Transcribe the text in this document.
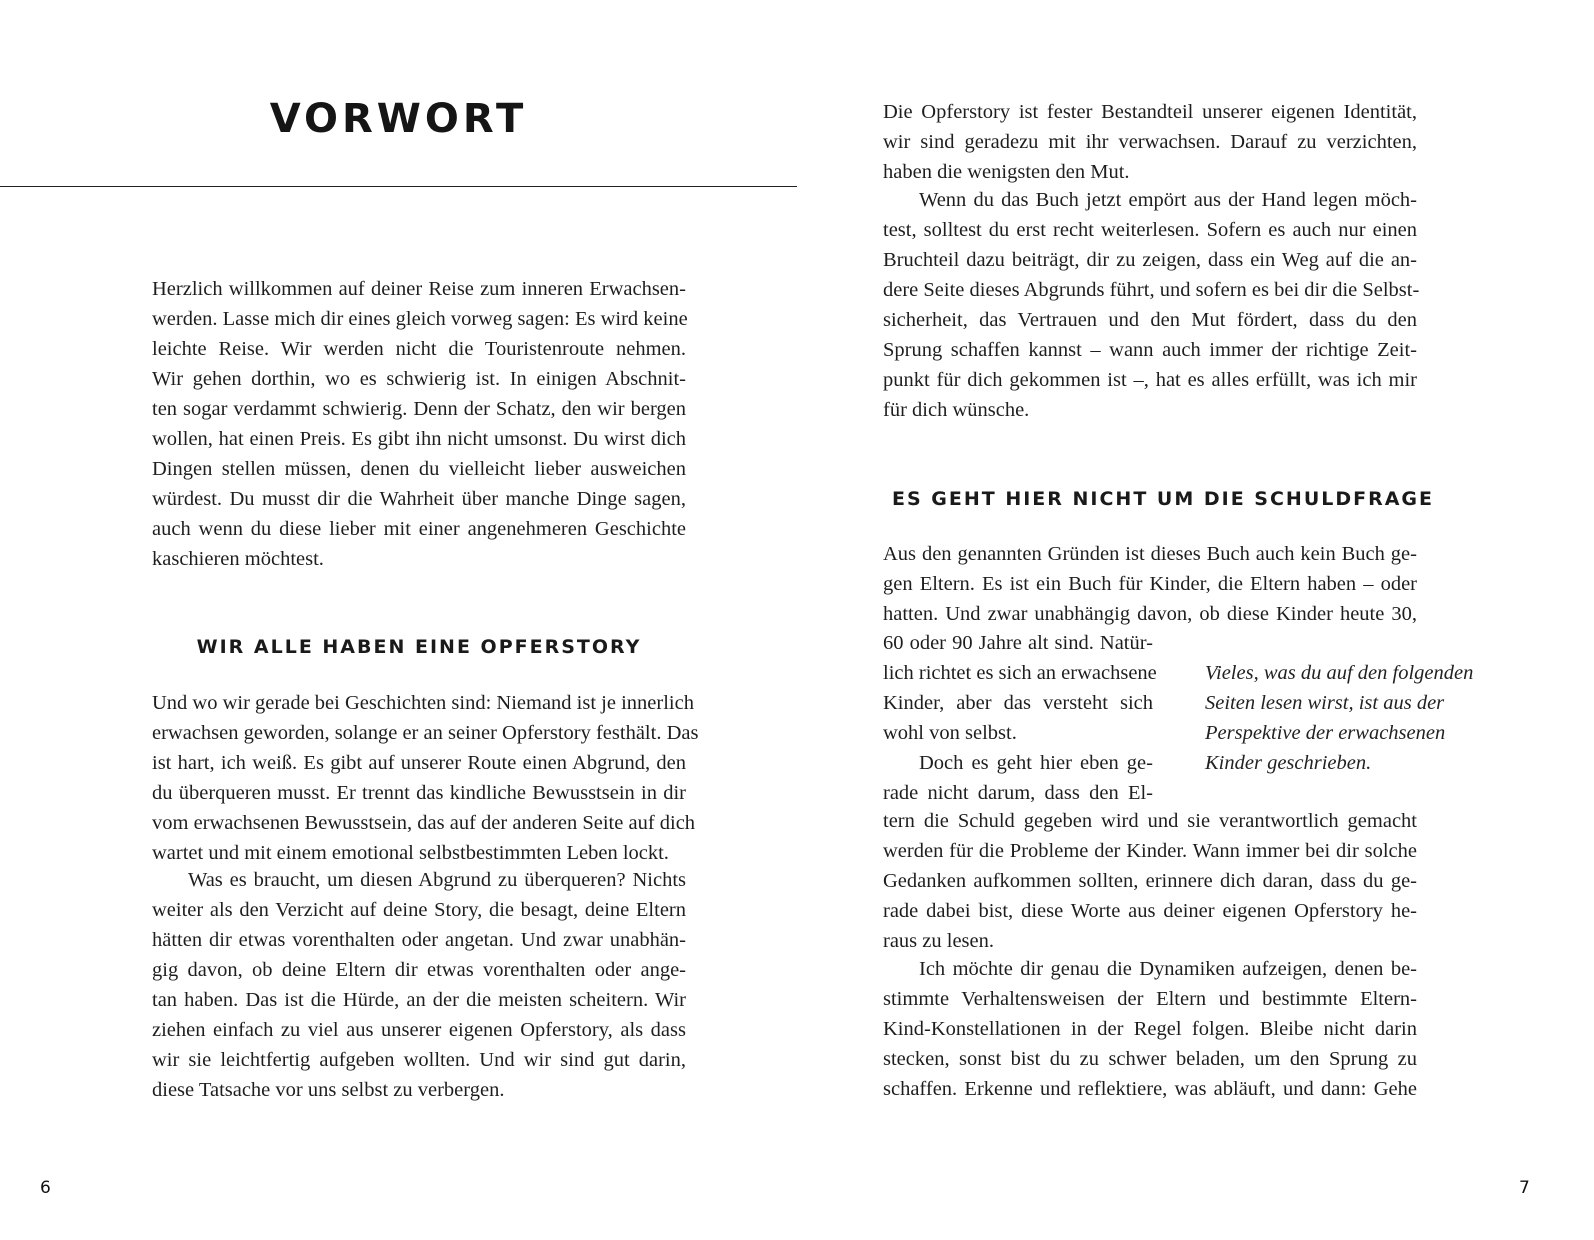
VORWORT
Herzlich willkommen auf deiner Reise zum inneren Erwachsen-
werden. Lasse mich dir eines gleich vorweg sagen: Es wird keine
leichte Reise. Wir werden nicht die Touristenroute nehmen.
Wir gehen dorthin, wo es schwierig ist. In einigen Abschnit-
ten sogar verdammt schwierig. Denn der Schatz, den wir bergen
wollen, hat einen Preis. Es gibt ihn nicht umsonst. Du wirst dich
Dingen stellen müssen, denen du vielleicht lieber ausweichen
würdest. Du musst dir die Wahrheit über manche Dinge sagen,
auch wenn du diese lieber mit einer angenehmeren Geschichte
kaschieren möchtest.
WIR ALLE HABEN EINE OPFERSTORY
Und wo wir gerade bei Geschichten sind: Niemand ist je innerlich
erwachsen geworden, solange er an seiner Opferstory festhält. Das
ist hart, ich weiß. Es gibt auf unserer Route einen Abgrund, den
du überqueren musst. Er trennt das kindliche Bewusstsein in dir
vom erwachsenen Bewusstsein, das auf der anderen Seite auf dich
wartet und mit einem emotional selbstbestimmten Leben lockt.
Was es braucht, um diesen Abgrund zu überqueren? Nichts
weiter als den Verzicht auf deine Story, die besagt, deine Eltern
hätten dir etwas vorenthalten oder angetan. Und zwar unabhän-
gig davon, ob deine Eltern dir etwas vorenthalten oder ange-
tan haben. Das ist die Hürde, an der die meisten scheitern. Wir
ziehen einfach zu viel aus unserer eigenen Opferstory, als dass
wir sie leichtfertig aufgeben wollten. Und wir sind gut darin,
diese Tatsache vor uns selbst zu verbergen.
6
Die Opferstory ist fester Bestandteil unserer eigenen Identität,
wir sind geradezu mit ihr verwachsen. Darauf zu verzichten,
haben die wenigsten den Mut.
Wenn du das Buch jetzt empört aus der Hand legen möch-
test, solltest du erst recht weiterlesen. Sofern es auch nur einen
Bruchteil dazu beiträgt, dir zu zeigen, dass ein Weg auf die an-
dere Seite dieses Abgrunds führt, und sofern es bei dir die Selbst-
sicherheit, das Vertrauen und den Mut fördert, dass du den
Sprung schaffen kannst – wann auch immer der richtige Zeit-
punkt für dich gekommen ist –, hat es alles erfüllt, was ich mir
für dich wünsche.
ES GEHT HIER NICHT UM DIE SCHULDFRAGE
Aus den genannten Gründen ist dieses Buch auch kein Buch ge-
gen Eltern. Es ist ein Buch für Kinder, die Eltern haben – oder
hatten. Und zwar unabhängig davon, ob diese Kinder heute 30,
60 oder 90 Jahre alt sind. Natür-
lich richtet es sich an erwachsene
Kinder, aber das versteht sich
wohl von selbst.
Doch es geht hier eben ge-
rade nicht darum, dass den El-
Vieles, was du auf den folgenden
Seiten lesen wirst, ist aus der
Perspektive der erwachsenen
Kinder geschrieben.
tern die Schuld gegeben wird und sie verantwortlich gemacht
werden für die Probleme der Kinder. Wann immer bei dir solche
Gedanken aufkommen sollten, erinnere dich daran, dass du ge-
rade dabei bist, diese Worte aus deiner eigenen Opferstory he-
raus zu lesen.
Ich möchte dir genau die Dynamiken aufzeigen, denen be-
stimmte Verhaltensweisen der Eltern und bestimmte Eltern-
Kind-Konstellationen in der Regel folgen. Bleibe nicht darin
stecken, sonst bist du zu schwer beladen, um den Sprung zu
schaffen. Erkenne und reflektiere, was abläuft, und dann: Gehe
7
